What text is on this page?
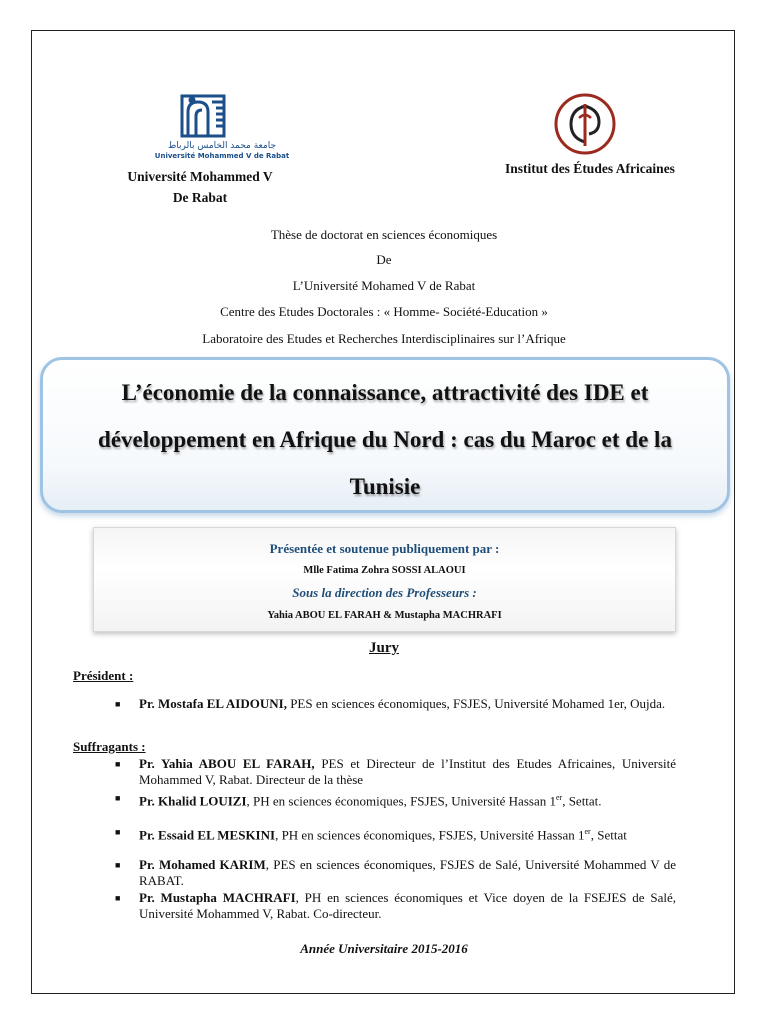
جامعة محمد الخامس بالرباط
Université Mohammed V de Rabat
Université Mohammed V
De Rabat
Institut des Études Africaines
Thèse de doctorat en sciences économiques
De
L’Université Mohamed V de Rabat
Centre des Etudes Doctorales : « Homme- Société-Education »
Laboratoire des Etudes et Recherches Interdisciplinaires sur l’Afrique
L’économie de la connaissance, attractivité des IDE et
développement en Afrique du Nord : cas du Maroc et de la
Tunisie
Présentée et soutenue publiquement par :
Mlle Fatima Zohra SOSSI ALAOUI
Sous la direction des Professeurs :
Yahia ABOU EL FARAH & Mustapha MACHRAFI
Jury
Président :
■	Pr. Mostafa EL AIDOUNI, PES en sciences économiques, FSJES, Université Mohamed 1er, Oujda.
Suffragants :
■	Pr. Yahia ABOU EL FARAH, PES et Directeur de l’Institut des Etudes Africaines, Université Mohammed V, Rabat. Directeur de la thèse
■	Pr. Khalid LOUIZI, PH en sciences économiques, FSJES, Université Hassan 1er, Settat.
■	Pr. Essaid EL MESKINI, PH en sciences économiques, FSJES, Université Hassan 1er, Settat
■	Pr. Mohamed KARIM, PES en sciences économiques, FSJES de Salé, Université Mohammed V de RABAT.
■	Pr. Mustapha MACHRAFI, PH en sciences économiques et Vice doyen de la FSEJES de Salé, Université Mohammed V, Rabat. Co-directeur.
Année Universitaire 2015-2016
